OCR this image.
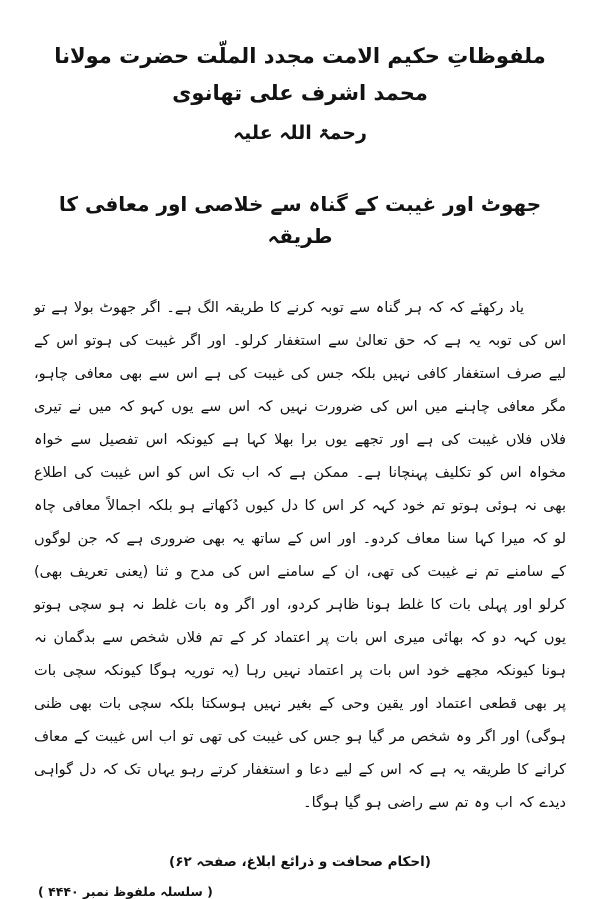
ملفوظاتِ حکیم الامت مجدد الملّت حضرت مولانا محمد اشرف علی تھانوی
رحمۃ اللہ علیہ
جھوٹ اور غیبت کے گناہ سے خلاصی اور معافی کا طریقہ

یاد رکھئے کہ کہ ہر گناہ سے توبہ کرنے کا طریقہ الگ ہے۔ اگر جھوٹ بولا ہے تو اس کی توبہ یہ ہے کہ حق تعالیٰ سے استغفار کرلو۔ اور اگر غیبت کی ہوتو اس کے لیے صرف استغفار کافی نہیں بلکہ جس کی غیبت کی ہے اس سے بھی معافی چاہو، مگر معافی چاہنے میں اس کی ضرورت نہیں کہ اس سے یوں کہو کہ میں نے تیری فلاں فلاں غیبت کی ہے اور تجھے یوں برا بھلا کہا ہے کیونکہ اس تفصیل سے خواہ مخواہ اس کو تکلیف پہنچانا ہے۔ ممکن ہے کہ اب تک اس کو اس غیبت کی اطلاع بھی نہ ہوئی ہوتو تم خود کہہ کر اس کا دل کیوں دُکھاتے ہو بلکہ اجمالاً معافی چاہ لو کہ میرا کہا سنا معاف کردو۔ اور اس کے ساتھ یہ بھی ضروری ہے کہ جن لوگوں کے سامنے تم نے غیبت کی تھی، ان کے سامنے اس کی مدح و ثنا (یعنی تعریف بھی) کرلو اور پہلی بات کا غلط ہونا ظاہر کردو، اور اگر وہ بات غلط نہ ہو سچی ہوتو یوں کہہ دو کہ بھائی میری اس بات پر اعتماد کر کے تم فلاں شخص سے بدگمان نہ ہونا کیونکہ مجھے خود اس بات پر اعتماد نہیں رہا (یہ توریہ ہوگا کیونکہ سچی بات پر بھی قطعی اعتماد اور یقین وحی کے بغیر نہیں ہوسکتا بلکہ سچی بات بھی ظنی ہوگی) اور اگر وہ شخص مر گیا ہو جس کی غیبت کی تھی تو اب اس غیبت کے معاف کرانے کا طریقہ یہ ہے کہ اس کے لیے دعا و استغفار کرتے رہو یہاں تک کہ دل گواہی دیدے کہ اب وہ تم سے راضی ہو گیا ہوگا۔

(احکام صحافت و ذرائع ابلاغ، صفحہ ۶۲)
( سلسلہ ملفوظ نمبر ۴۴۴۰ )
